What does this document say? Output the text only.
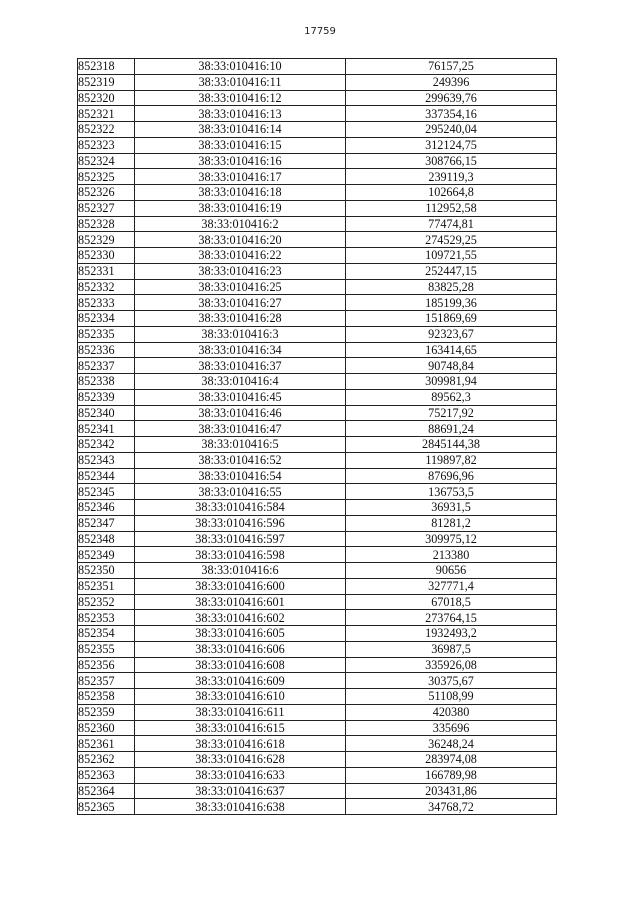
17759
852318	38:33:010416:10	76157,25
852319	38:33:010416:11	249396
852320	38:33:010416:12	299639,76
852321	38:33:010416:13	337354,16
852322	38:33:010416:14	295240,04
852323	38:33:010416:15	312124,75
852324	38:33:010416:16	308766,15
852325	38:33:010416:17	239119,3
852326	38:33:010416:18	102664,8
852327	38:33:010416:19	112952,58
852328	38:33:010416:2	77474,81
852329	38:33:010416:20	274529,25
852330	38:33:010416:22	109721,55
852331	38:33:010416:23	252447,15
852332	38:33:010416:25	83825,28
852333	38:33:010416:27	185199,36
852334	38:33:010416:28	151869,69
852335	38:33:010416:3	92323,67
852336	38:33:010416:34	163414,65
852337	38:33:010416:37	90748,84
852338	38:33:010416:4	309981,94
852339	38:33:010416:45	89562,3
852340	38:33:010416:46	75217,92
852341	38:33:010416:47	88691,24
852342	38:33:010416:5	2845144,38
852343	38:33:010416:52	119897,82
852344	38:33:010416:54	87696,96
852345	38:33:010416:55	136753,5
852346	38:33:010416:584	36931,5
852347	38:33:010416:596	81281,2
852348	38:33:010416:597	309975,12
852349	38:33:010416:598	213380
852350	38:33:010416:6	90656
852351	38:33:010416:600	327771,4
852352	38:33:010416:601	67018,5
852353	38:33:010416:602	273764,15
852354	38:33:010416:605	1932493,2
852355	38:33:010416:606	36987,5
852356	38:33:010416:608	335926,08
852357	38:33:010416:609	30375,67
852358	38:33:010416:610	51108,99
852359	38:33:010416:611	420380
852360	38:33:010416:615	335696
852361	38:33:010416:618	36248,24
852362	38:33:010416:628	283974,08
852363	38:33:010416:633	166789,98
852364	38:33:010416:637	203431,86
852365	38:33:010416:638	34768,72
